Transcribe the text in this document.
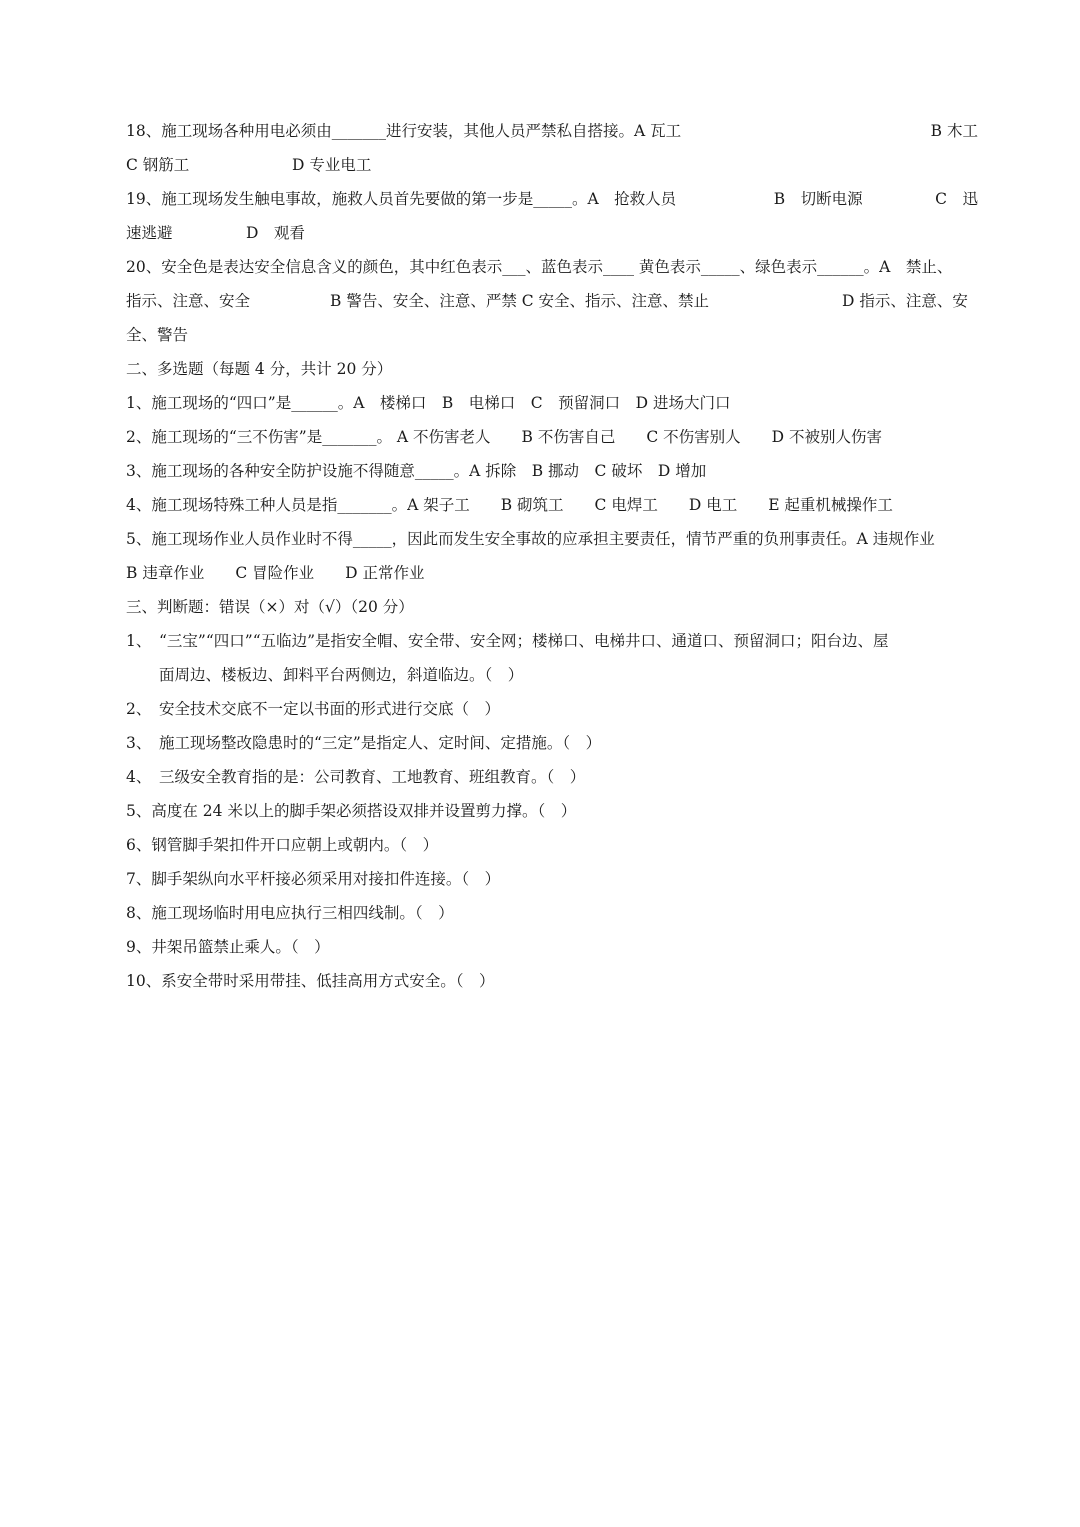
18、施工现场各种用电必须由_______进行安装，其他人员严禁私自搭接。A 瓦工	B 木工
C 钢筋工	D 专业电工
19、施工现场发生触电事故，施救人员首先要做的第一步是_____。A　抢救人员	B　切断电源	C　迅
速逃避	D　观看
20、安全色是表达安全信息含义的颜色，其中红色表示___、蓝色表示____ 黄色表示_____、绿色表示______。A　禁止、
指示、注意、安全	B 警告、安全、注意、严禁 C 安全、指示、注意、禁止	D 指示、注意、安
全、警告
二、多选题（每题 4 分，共计 20 分）
1、施工现场的“四口”是______。A　楼梯口　B　电梯口　C　预留洞口　D 进场大门口
2、施工现场的“三不伤害”是_______。 A 不伤害老人　　B 不伤害自己　　C 不伤害别人　　D 不被别人伤害
3、施工现场的各种安全防护设施不得随意_____。A 拆除　B 挪动　C 破坏　D 增加
4、施工现场特殊工种人员是指_______。A 架子工　　B 砌筑工　　C 电焊工　　D 电工　　E 起重机械操作工
5、施工现场作业人员作业时不得_____，因此而发生安全事故的应承担主要责任，情节严重的负刑事责任。A 违规作业
B 违章作业　　C 冒险作业　　D 正常作业
三、判断题：错误（×）对（√）（20 分）
1、 “三宝”“四口”“五临边”是指安全帽、安全带、安全网；楼梯口、电梯井口、通道口、预留洞口；阳台边、屋
面周边、楼板边、卸料平台两侧边，斜道临边。（　）
2、 安全技术交底不一定以书面的形式进行交底（　）
3、 施工现场整改隐患时的“三定”是指定人、定时间、定措施。（　）
4、 三级安全教育指的是：公司教育、工地教育、班组教育。（　）
5、高度在 24 米以上的脚手架必须搭设双排并设置剪力撑。（　）
6、钢管脚手架扣件开口应朝上或朝内。（　）
7、脚手架纵向水平杆接必须采用对接扣件连接。（　）
8、施工现场临时用电应执行三相四线制。（　）
9、井架吊篮禁止乘人。（　）
10、系安全带时采用带挂、低挂高用方式安全。（　）
